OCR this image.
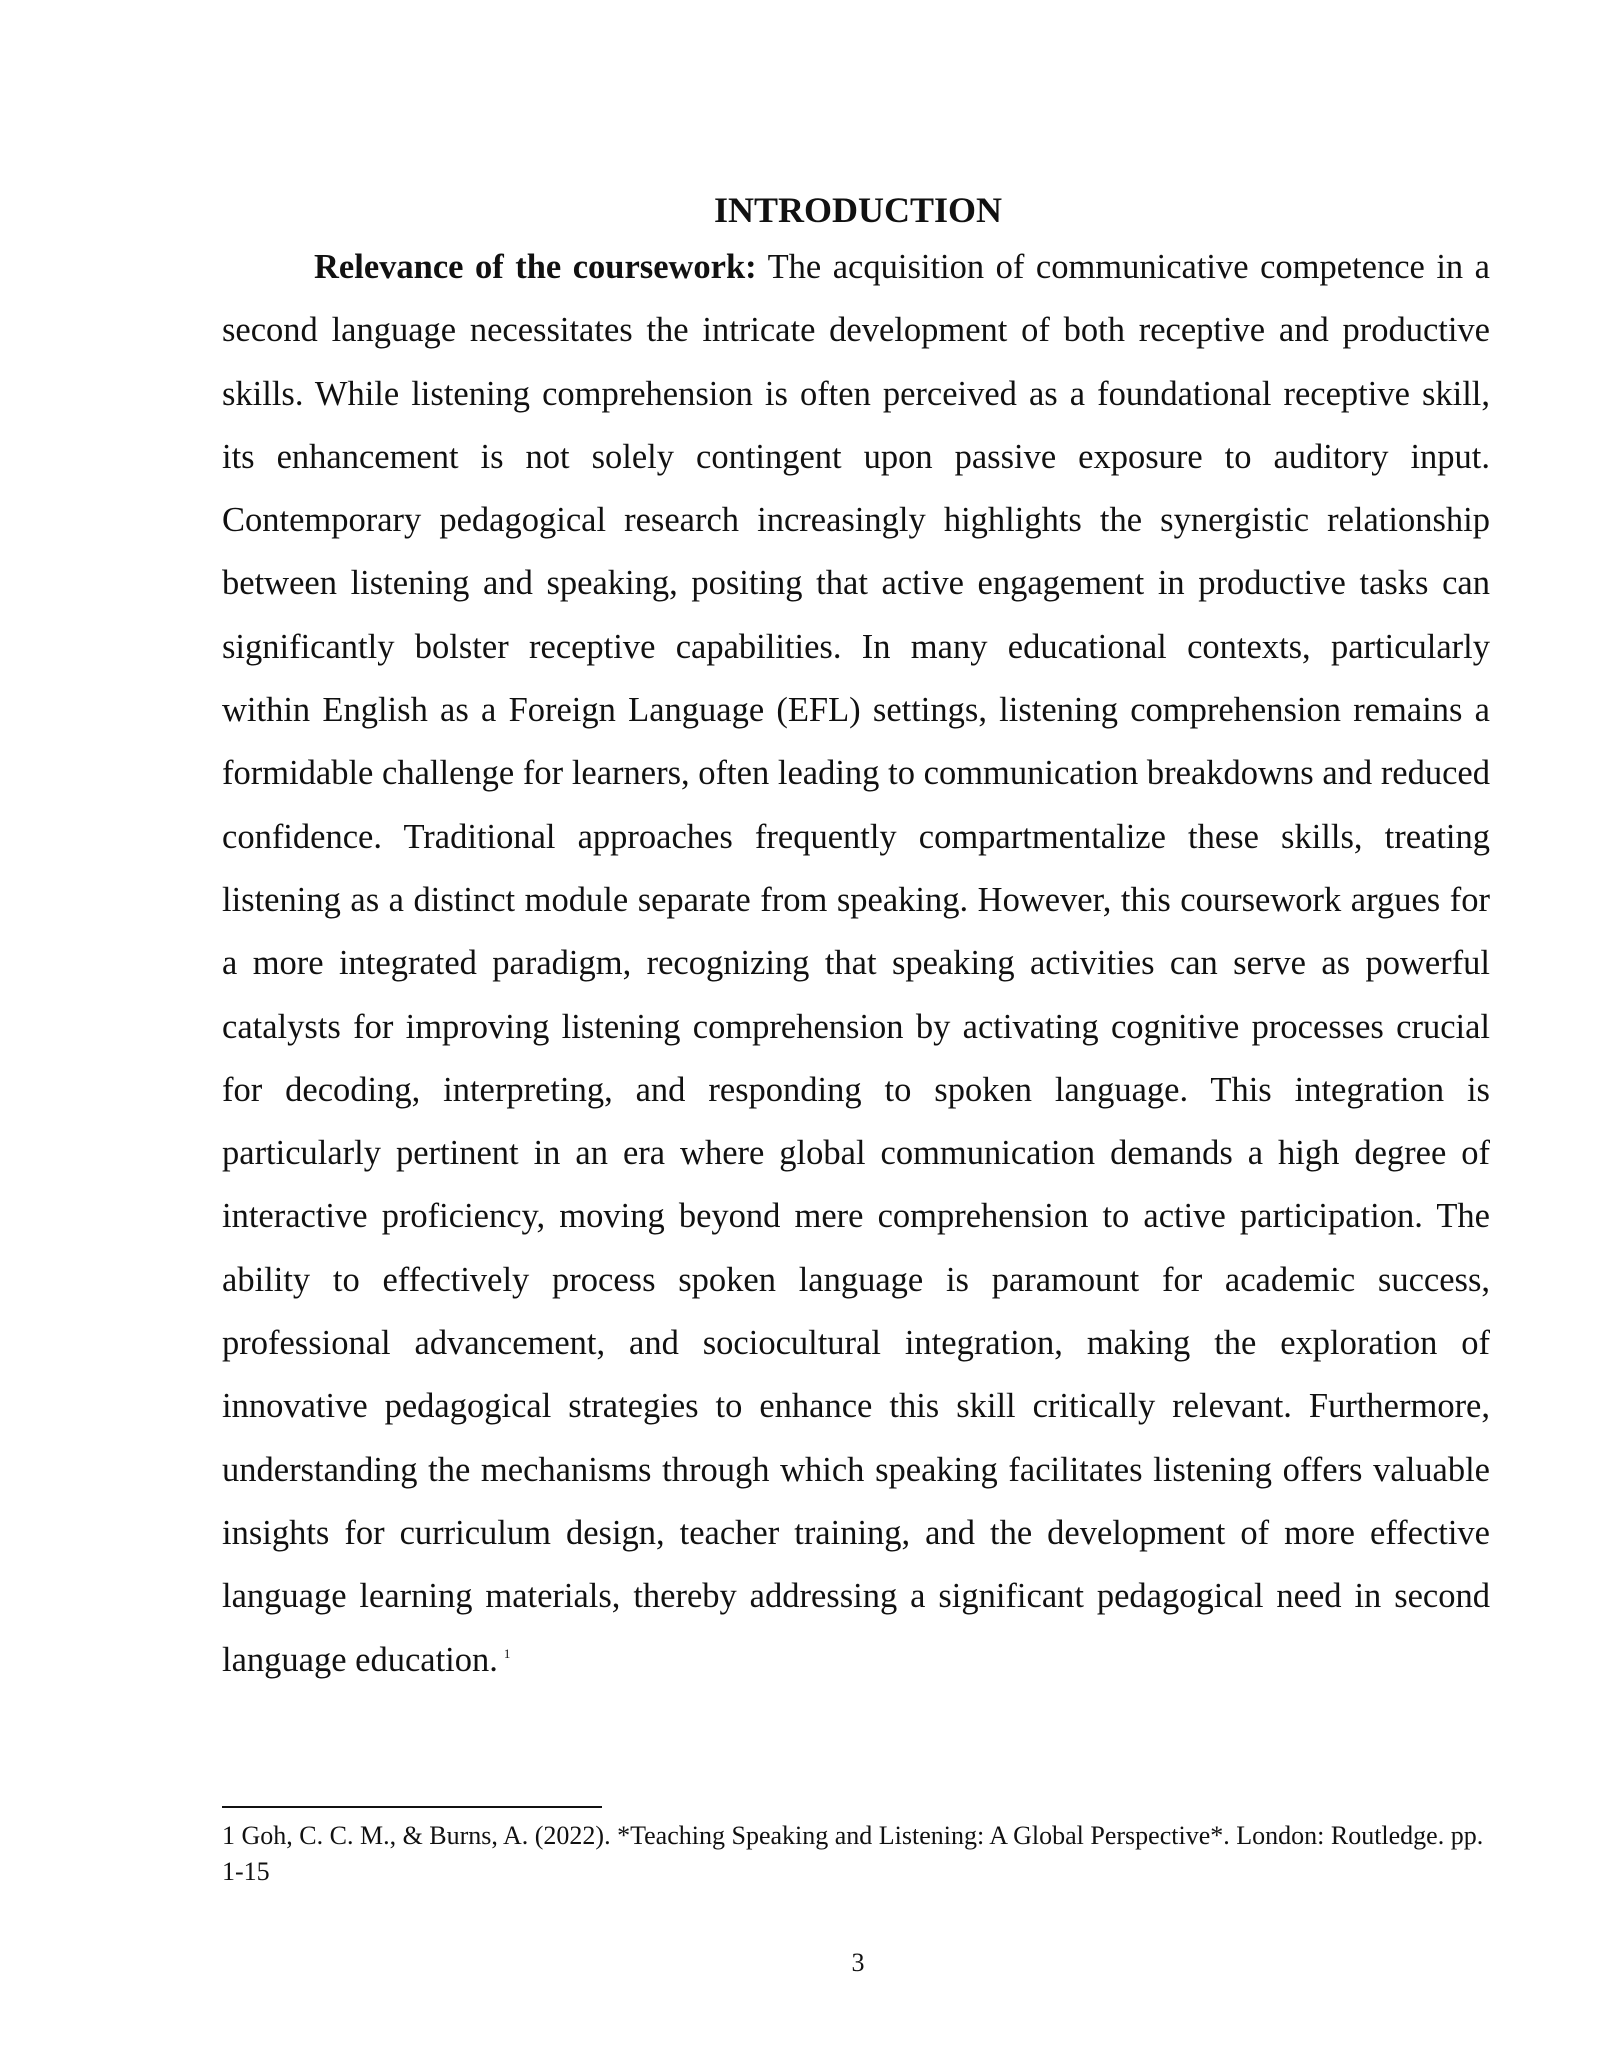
INTRODUCTION

Relevance of the coursework: The acquisition of communicative competence in a second language necessitates the intricate development of both receptive and productive skills. While listening comprehension is often perceived as a foundational receptive skill, its enhancement is not solely contingent upon passive exposure to auditory input. Contemporary pedagogical research increasingly highlights the synergistic relationship between listening and speaking, positing that active engagement in productive tasks can significantly bolster receptive capabilities. In many educational contexts, particularly within English as a Foreign Language (EFL) settings, listening comprehension remains a formidable challenge for learners, often leading to communication breakdowns and reduced confidence. Traditional approaches frequently compartmentalize these skills, treating listening as a distinct module separate from speaking. However, this coursework argues for a more integrated paradigm, recognizing that speaking activities can serve as powerful catalysts for improving listening comprehension by activating cognitive processes crucial for decoding, interpreting, and responding to spoken language. This integration is particularly pertinent in an era where global communication demands a high degree of interactive proficiency, moving beyond mere comprehension to active participation. The ability to effectively process spoken language is paramount for academic success, professional advancement, and sociocultural integration, making the exploration of innovative pedagogical strategies to enhance this skill critically relevant. Furthermore, understanding the mechanisms through which speaking facilitates listening offers valuable insights for curriculum design, teacher training, and the development of more effective language learning materials, thereby addressing a significant pedagogical need in second language education. $^1$

1 Goh, C. C. M., & Burns, A. (2022). *Teaching Speaking and Listening: A Global Perspective*. London: Routledge. pp. 1-15

3
